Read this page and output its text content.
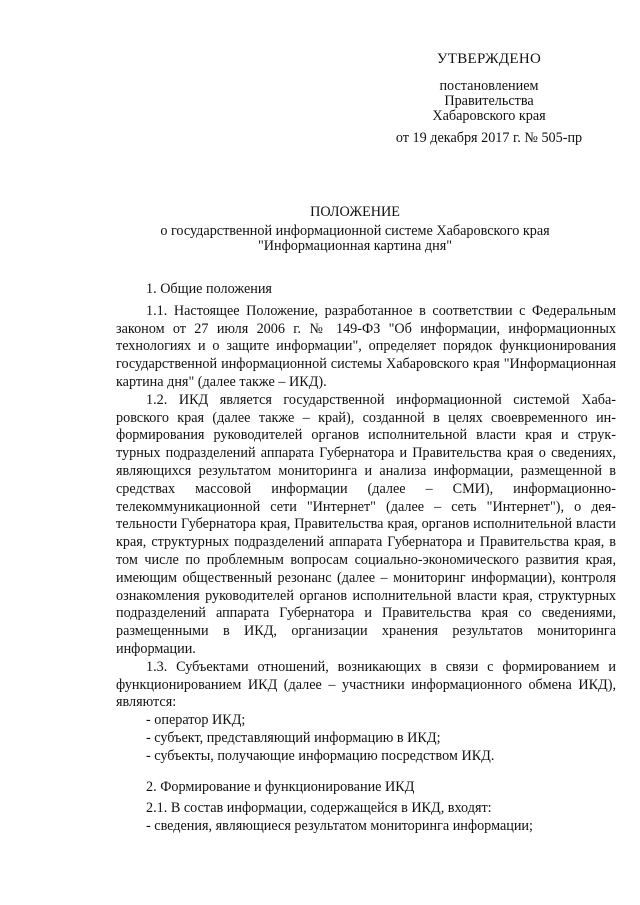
УТВЕРЖДЕНО
постановлением
Правительства
Хабаровского края
от 19 декабря 2017 г. № 505-пр
ПОЛОЖЕНИЕ
о государственной информационной системе Хабаровского края
"Информационная картина дня"

1. Общие положения

1.1. Настоящее Положение, разработанное в соответствии с Федеральным законом от 27 июля 2006 г. № 149-ФЗ "Об информации, информационных технологиях и о защите информации", определяет порядок функционирования государственной информационной системы Хабаровского края "Информационная картина дня" (далее также – ИКД).

1.2. ИКД является государственной информационной системой Хабаровского края (далее также – край), созданной в целях своевременного информирования руководителей органов исполнительной власти края и структурных подразделений аппарата Губернатора и Правительства края о сведениях, являющихся результатом мониторинга и анализа информации, размещенной в средствах массовой информации (далее – СМИ), информационно-телекоммуникационной сети "Интернет" (далее – сеть "Интернет"), о деятельности Губернатора края, Правительства края, органов исполнительной власти края, структурных подразделений аппарата Губернатора и Правительства края, в том числе по проблемным вопросам социально-экономического развития края, имеющим общественный резонанс (далее – мониторинг информации), контроля ознакомления руководителей органов исполнительной власти края, структурных подразделений аппарата Губернатора и Правительства края со сведениями, размещенными в ИКД, организации хранения результатов мониторинга информации.

1.3. Субъектами отношений, возникающих в связи с формированием и функционированием ИКД (далее – участники информационного обмена ИКД), являются:

- оператор ИКД;

- субъект, представляющий информацию в ИКД;

- субъекты, получающие информацию посредством ИКД.

2. Формирование и функционирование ИКД

2.1. В состав информации, содержащейся в ИКД, входят:

- сведения, являющиеся результатом мониторинга информации;
